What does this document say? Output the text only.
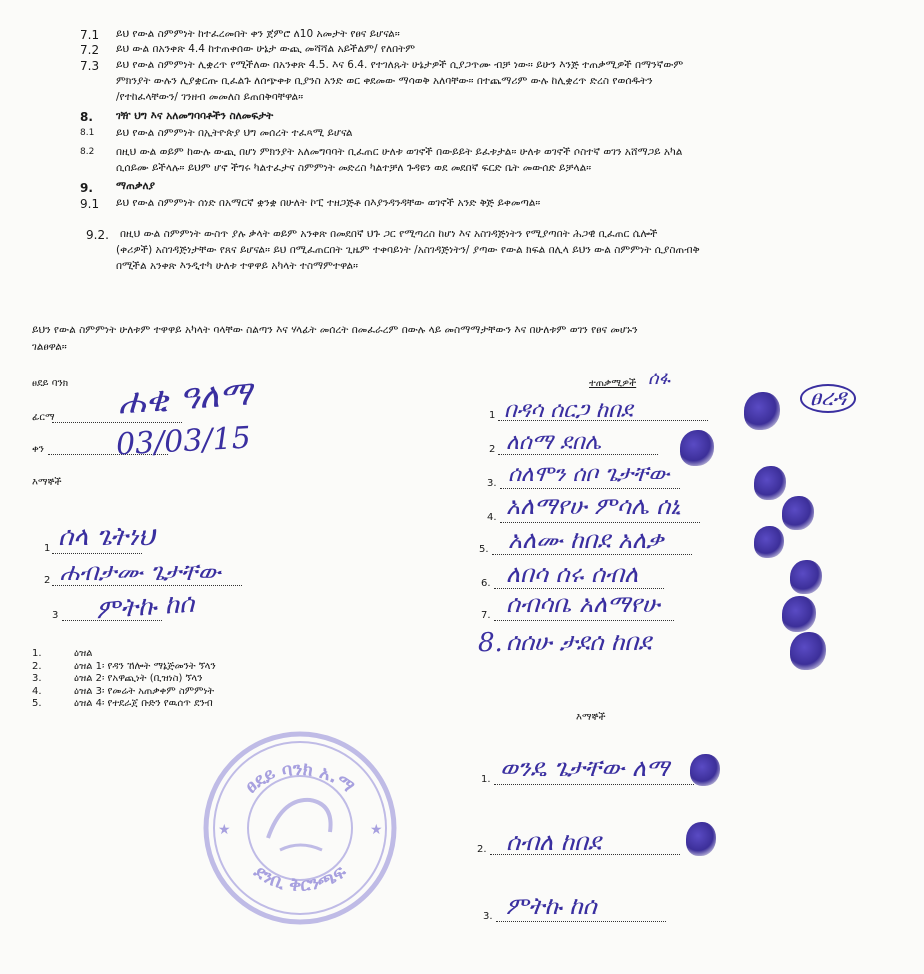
7.1 ይህ የውል ስምምነት ከተፈረመበት ቀን ጀምሮ ለ10 አመታት የፀና ይሆናል።
7.2 ይህ ውል በአንቀጽ 4.4 ከተጠቀሰው ሁኔታ ውጪ መሻሻል አይችልም/ የለበትም
7.3 ይህ የውል ስምምነት ሊቋረጥ የሚችለው በአንቀጽ 4.5. እና 6.4. የተገለጹት ሁኔታዎች ሲያጋጥሙ ብቻ ነው። ይሁን እንጅ ተጠቃሚዎች በማንኛውም
ምክንያት ውሉን ሊያቋርጡ ቢፈልጉ ለሰጭቀቱ ቢያንስ አንድ ወር ቀደመው ማሳወቅ አለባቸው። በተጨማሪም ውሉ ከሊቋረጥ ድረስ የወሰዱትን
/የተከፈላቸውን/ ገንዘብ መመለስ ይጠበቅባቸዋል።
8. ገዥ ህግ እና አለመግባባቶችን ስለመፍታት
8.1 ይህ የውል ስምምነት በኢትዮጵያ ህግ መሰረት ተፈጻሚ ይሆናል
8.2 በዚህ ውል ወይም ከውሉ ውጪ በሆነ ምክንያት አለመግባባት ቢፈጠር ሁለቱ ወገኖች በውይይት ይፈቱታል። ሁለቱ ወገኖች ሶስተኛ ወገን አሸማጋይ አካል
ሲሰይሙ ይችላሉ። ይህም ሆኖ ችግሩ ካልተፈታና ስምምነት መድረስ ካልተቻለ ጉዳዩን ወደ መደበኛ ፍርድ ቤት መውሰድ ይቻላል።
9. ማጠቃለያ
9.1 ይህ የውል ስምምነት ሰነድ በአማርኛ ቋንቋ በሁለት ኮፒ ተዘጋጅቶ በእያንዳንዳቸው ወገኖች አንድ ቅጅ ይቀመጣል።
9.2. በዚህ ውል ስምምነት ውስጥ ያሉ ቃላት ወይም አንቀጽ በመደበኛ ህጉ ጋር የሚጣረስ ከሆነ እና አስገዳጅነትን የሚያጣበት ሕጋዊ ቢፈጠር ሴሎች
(ቀሪዎች) አስገዳጅነታቸው የጸና ይሆናል። ይህ በሚፈጠርበት ጊዜም ተቀባይነት /አስገዳጅነትን/ ያጣው የውል ክፍል በሊላ ይህን ውል ስምምነት ሲያስጠብቅ
በሚችል አንቀጽ እንዲተካ ሁለቱ ተዋዋይ አካላት ተስማምተዋል።
ይህን የውል ስምምነት ሁለቱም ተዋዋይ አካላት ባላቸው ስልጣን እና ሃላፊት መሰረት በመፈራረም በውሉ ላይ መስማማታቸውን እና በሁለቱም ወገን የፀና መሆኑን
ገልፀዋል።
ፀደይ ባንክ
ፊርማ
ቀን
ሐቂ ዓለማ
03/03/15
እማኞች
1 ሰላ ጌትነህ
2 ሐብታሙ ጌታቸው
3 ምትኩ ከሰ
1.	ዕዝል
2.	ዕዝል 1፡ የዳን ኸሎት ማኔጅመንት ኘላን
3.	ዕዝል 2፡ የአዋጪነት (ቢዝነስ) ኘላን
4.	ዕዝል 3፡ የመሬት አጠቃቀም ስምምነት
5.	ዕዝል 4፡ የተደራጀ ቡድን የዉሰጥ ደንብ
★	★
ፀደይ ባንክ አ.ማ
ደንቢ ቅርንጫፍ
ተጠቃሚዎች ሰፋ
ፀረዳ
1 በዳሳ ሰርጋ ከበደ
2 ለሰማ ደበሌ
3. ሰለሞን ሰቦ ጌታቸው
4. አለማየሁ ምሳሌ ሰኒ
5. አለሙ ከበደ አለቃ
6. ለበሳ ሰሩ ሰብለ
7. ሰብሳቤ አለማየሁ
8. ሰሰሁ ታደሰ ከበደ
እማኞች
1. ወንዴ ጌታቸው ለማ
2. ሰብለ ከበደ
3. ምትኩ ከሰ
